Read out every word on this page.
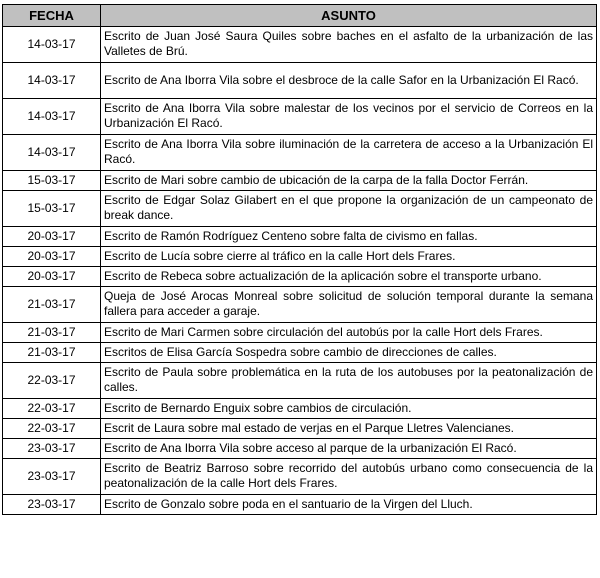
FECHA	ASUNTO
14-03-17	Escrito de Juan José Saura Quiles sobre baches en el asfalto de la urbanización de las Valletes de Brú.
14-03-17	Escrito de Ana Iborra Vila sobre el desbroce de la calle Safor en la Urbanización El Racó.
14-03-17	Escrito de Ana Iborra Vila sobre malestar de los vecinos por el servicio de Correos en la Urbanización El Racó.
14-03-17	Escrito de Ana Iborra Vila sobre iluminación de la carretera de acceso a la Urbanización El Racó.
15-03-17	Escrito de Mari sobre cambio de ubicación de la carpa de la falla Doctor Ferrán.
15-03-17	Escrito de Edgar Solaz Gilabert en el que propone la organización de un campeonato de break dance.
20-03-17	Escrito de Ramón Rodríguez Centeno sobre falta de civismo en fallas.
20-03-17	Escrito de Lucía sobre cierre al tráfico en la calle Hort dels Frares.
20-03-17	Escrito de Rebeca sobre actualización de la aplicación sobre el transporte urbano.
21-03-17	Queja de José Arocas Monreal sobre solicitud de solución temporal durante la semana fallera para acceder a garaje.
21-03-17	Escrito de Mari Carmen sobre circulación del autobús por la calle Hort dels Frares.
21-03-17	Escritos de Elisa García Sospedra sobre cambio de direcciones de calles.
22-03-17	Escrito de Paula sobre problemática en la ruta de los autobuses por la peatonalización de calles.
22-03-17	Escrito de Bernardo Enguix sobre cambios de circulación.
22-03-17	Escrit de Laura sobre mal estado de verjas en el Parque Lletres Valencianes.
23-03-17	Escrito de Ana Iborra Vila sobre acceso al parque de la urbanización El Racó.
23-03-17	Escrito de Beatriz Barroso sobre recorrido del autobús urbano como consecuencia de la peatonalización de la calle Hort dels Frares.
23-03-17	Escrito de Gonzalo sobre poda en el santuario de la Virgen del Lluch.
